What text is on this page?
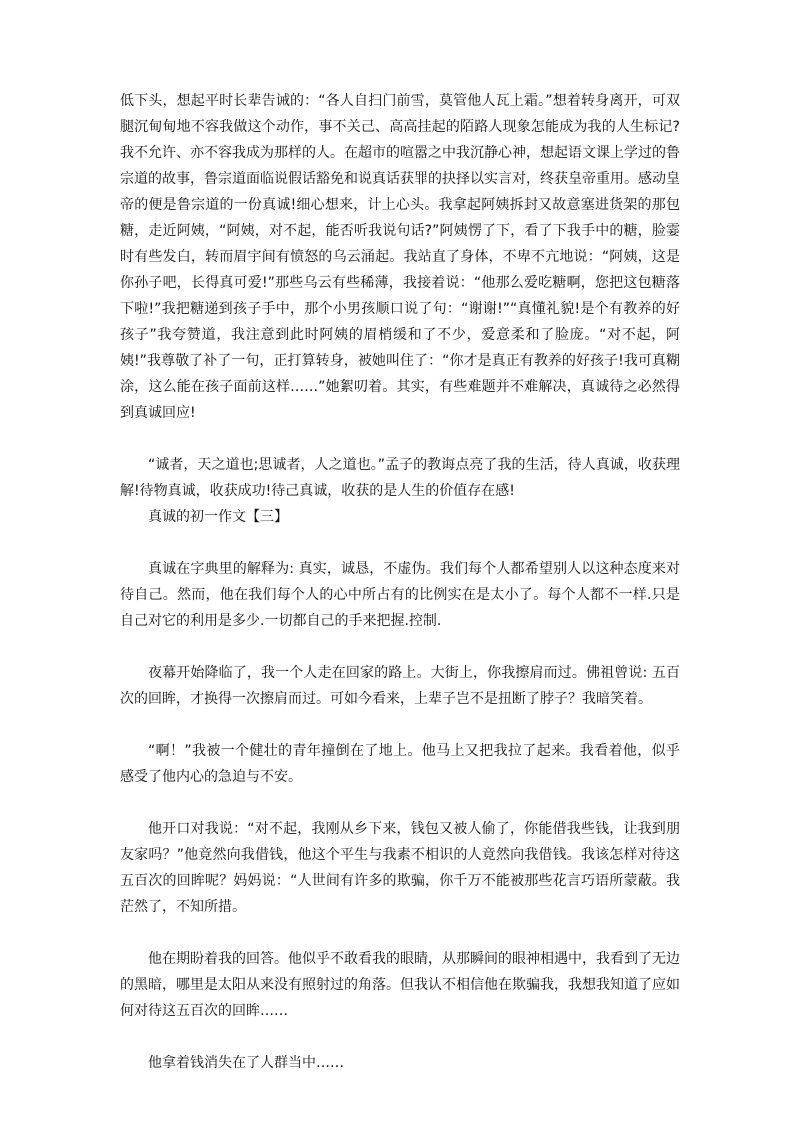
低下头，想起平时长辈告诫的：“各人自扫门前雪，莫管他人瓦上霜。”想着转身离开，可双腿沉甸甸地不容我做这个动作，事不关己、高高挂起的陌路人现象怎能成为我的人生标记?我不允许、亦不容我成为那样的人。在超市的喧嚣之中我沉静心神，想起语文课上学过的鲁宗道的故事，鲁宗道面临说假话豁免和说真话获罪的抉择以实言对，终获皇帝重用。感动皇帝的便是鲁宗道的一份真诚!细心想来，计上心头。我拿起阿姨拆封又故意塞进货架的那包糖，走近阿姨，“阿姨，对不起，能否听我说句话?”阿姨愣了下，看了下我手中的糖，脸霎时有些发白，转而眉宇间有愤怒的乌云涌起。我站直了身体，不卑不亢地说：“阿姨，这是你孙子吧，长得真可爱!”那些乌云有些稀薄，我接着说：“他那么爱吃糖啊，您把这包糖落下啦!”我把糖递到孩子手中，那个小男孩顺口说了句：“谢谢!”“真懂礼貌!是个有教养的好孩子”我夸赞道，我注意到此时阿姨的眉梢缓和了不少，爱意柔和了脸庞。“对不起，阿姨!”我尊敬了补了一句，正打算转身，被她叫住了：“你才是真正有教养的好孩子!我可真糊涂，这么能在孩子面前这样……”她絮叨着。其实，有些难题并不难解决，真诚待之必然得到真诚回应!

“诚者，天之道也;思诚者，人之道也。”孟子的教诲点亮了我的生活，待人真诚，收获理解!待物真诚，收获成功!待己真诚，收获的是人生的价值存在感!

真诚的初一作文【三】

真诚在字典里的解释为: 真实，诚恳，不虚伪。我们每个人都希望别人以这种态度来对待自己。然而，他在我们每个人的心中所占有的比例实在是太小了。每个人都不一样.只是自己对它的利用是多少.一切都自己的手来把握.控制.

夜幕开始降临了，我一个人走在回家的路上。大街上，你我擦肩而过。佛祖曾说: 五百次的回眸，才换得一次擦肩而过。可如今看来，上辈子岂不是扭断了脖子？我暗笑着。

“啊！”我被一个健壮的青年撞倒在了地上。他马上又把我拉了起来。我看着他，似乎感受了他内心的急迫与不安。

他开口对我说：“对不起，我刚从乡下来，钱包又被人偷了，你能借我些钱，让我到朋友家吗？”他竟然向我借钱，他这个平生与我素不相识的人竟然向我借钱。我该怎样对待这五百次的回眸呢？妈妈说：“人世间有许多的欺骗，你千万不能被那些花言巧语所蒙蔽。我茫然了，不知所措。

他在期盼着我的回答。他似乎不敢看我的眼睛，从那瞬间的眼神相遇中，我看到了无边的黑暗，哪里是太阳从来没有照射过的角落。但我认不相信他在欺骗我，我想我知道了应如何对待这五百次的回眸……

他拿着钱消失在了人群当中……
